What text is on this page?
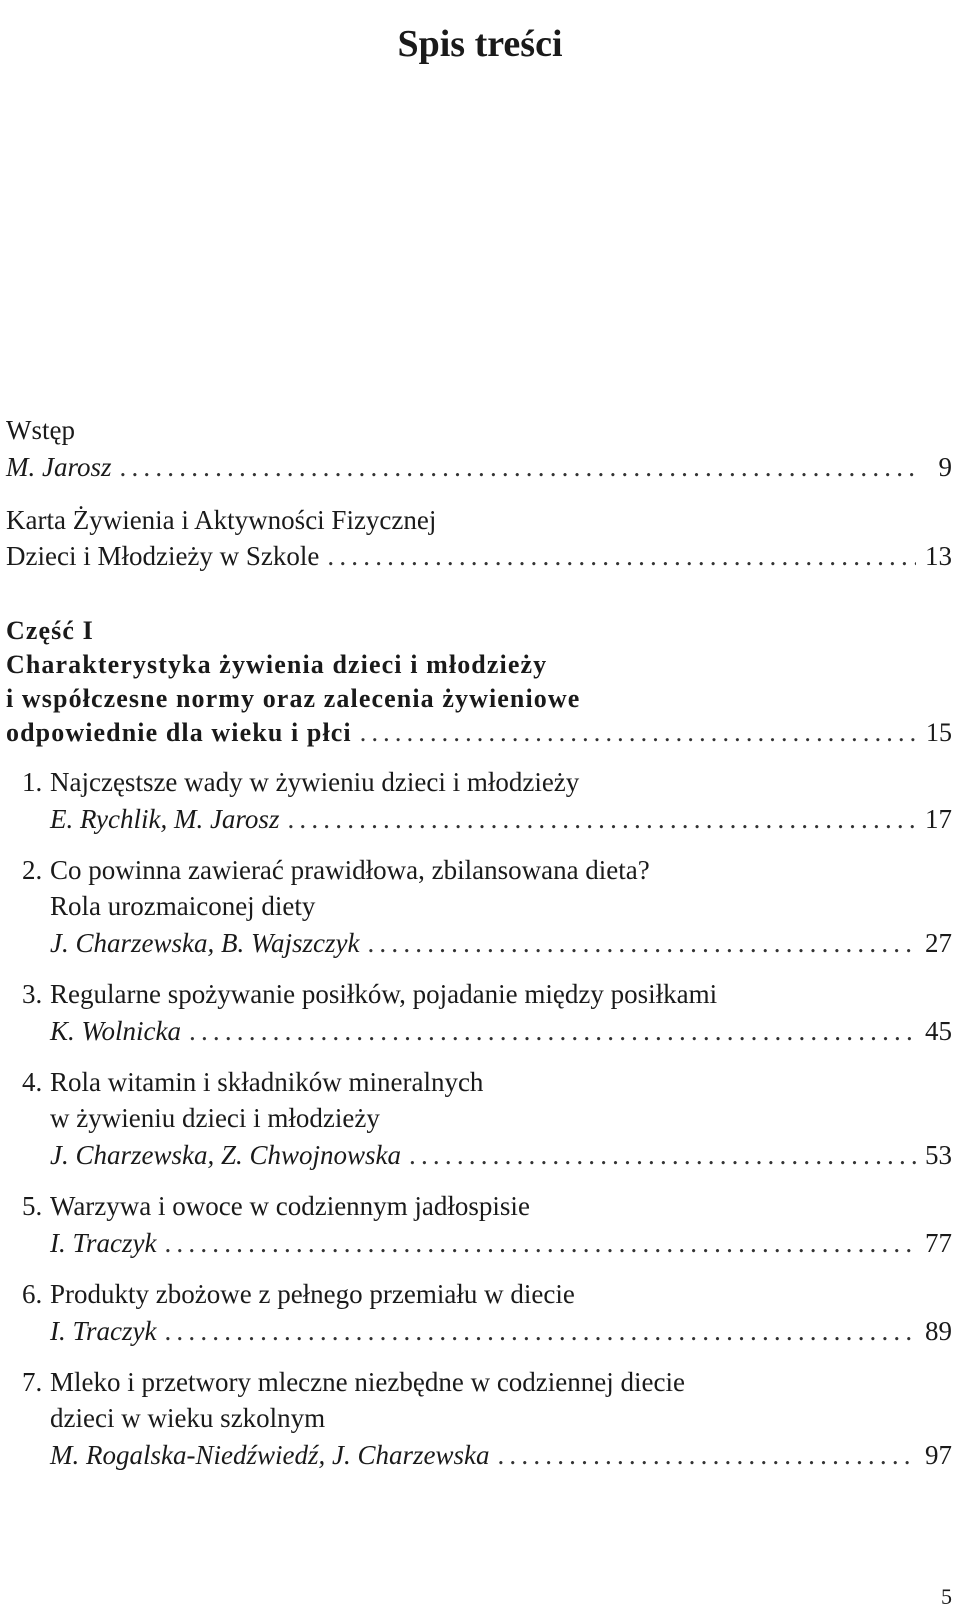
Spis treści
Wstęp
M. Jarosz .....	9
Karta Żywienia i Aktywności Fizycznej
Dzieci i Młodzieży w Szkole .....	13
Część I
Charakterystyka żywienia dzieci i młodzieży
i współczesne normy oraz zalecenia żywieniowe
odpowiednie dla wieku i płci .....	15
1. Najczęstsze wady w żywieniu dzieci i młodzieży
E. Rychlik, M. Jarosz .....	17
2. Co powinna zawierać prawidłowa, zbilansowana dieta?
Rola urozmaiconej diety
J. Charzewska, B. Wajszczyk .....	27
3. Regularne spożywanie posiłków, pojadanie między posiłkami
K. Wolnicka .....	45
4. Rola witamin i składników mineralnych
w żywieniu dzieci i młodzieży
J. Charzewska, Z. Chwojnowska .....	53
5. Warzywa i owoce w codziennym jadłospisie
I. Traczyk .....	77
6. Produkty zbożowe z pełnego przemiału w diecie
I. Traczyk .....	89
7. Mleko i przetwory mleczne niezbędne w codziennej diecie
dzieci w wieku szkolnym
M. Rogalska-Niedźwiedź, J. Charzewska .....	97
5
